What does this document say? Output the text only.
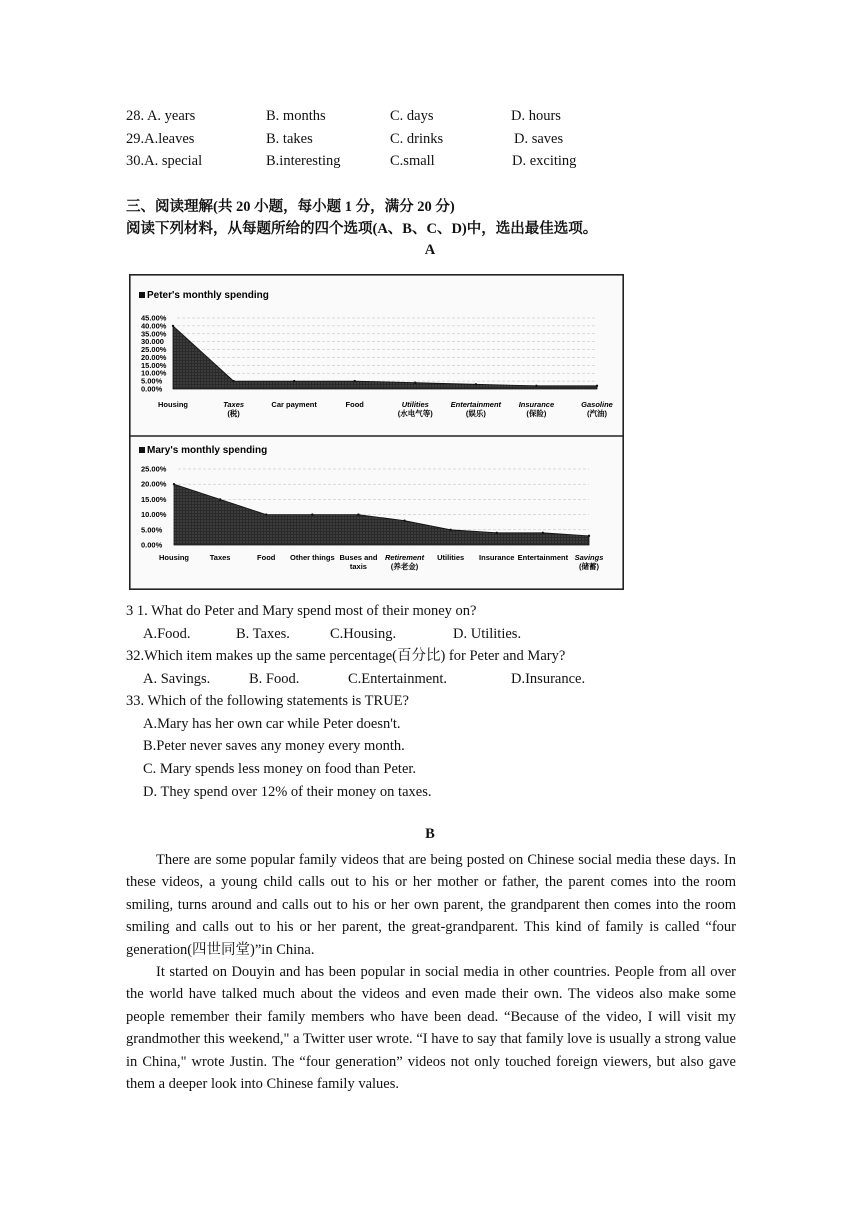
28. A. years	B. months	C. days	D. hours
29.A.leaves	B. takes	C. drinks	D. saves
30.A. special	B.interesting	C.small	D. exciting
三、阅读理解(共 20 小题，每小题 1 分，满分 20 分)
阅读下列材料，从每题所给的四个选项(A、B、C、D)中，选出最佳选项。
A
Peter's monthly spending
45.00%
40.00%
35.00%
30.000
25.00%
20.00%
15.00%
10.00%
5.00%
0.00%
Housing	Taxes
(税)
Car payment	Food	Utilities
(水电气等)
Entertainment
(娱乐)
Insurance
(保险)
Gasoline
(汽油)
Mary's monthly spending
25.00%
20.00%
15.00%
10.00%
5.00%
0.00%
Housing	Taxes	Food Other things Buses and
taxis
Retirement
(养老金)
Utilities Insurance Entertainment Savings
(储蓄)
3 1. What do Peter and Mary spend most of their money on?
A.Food.	B. Taxes.	C.Housing.	D. Utilities.
32.Which item makes up the same percentage(百分比) for Peter and Mary?
A. Savings.	B. Food.	C.Entertainment.	D.Insurance.
33. Which of the following statements is TRUE?
A.Mary has her own car while Peter doesn't.
B.Peter never saves any money every month.
C. Mary spends less money on food than Peter.
D. They spend over 12% of their money on taxes.
B
There are some popular family videos that are being posted on Chinese social media these days. In these videos, a young child calls out to his or her mother or father, the parent comes into the room smiling, turns around and calls out to his or her own parent, the grandparent then comes into the room smiling and calls out to his or her parent, the great-grandparent. This kind of family is called “four generation(四世同堂)”in China.
It started on Douyin and has been popular in social media in other countries. People from all over the world have talked much about the videos and even made their own. The videos also make some people remember their family members who have been dead. “Because of the video, I will visit my grandmother this weekend," a Twitter user wrote. “I have to say that family love is usually a strong value in China," wrote Justin. The “four generation” videos not only touched foreign viewers, but also gave them a deeper look into Chinese family values.
